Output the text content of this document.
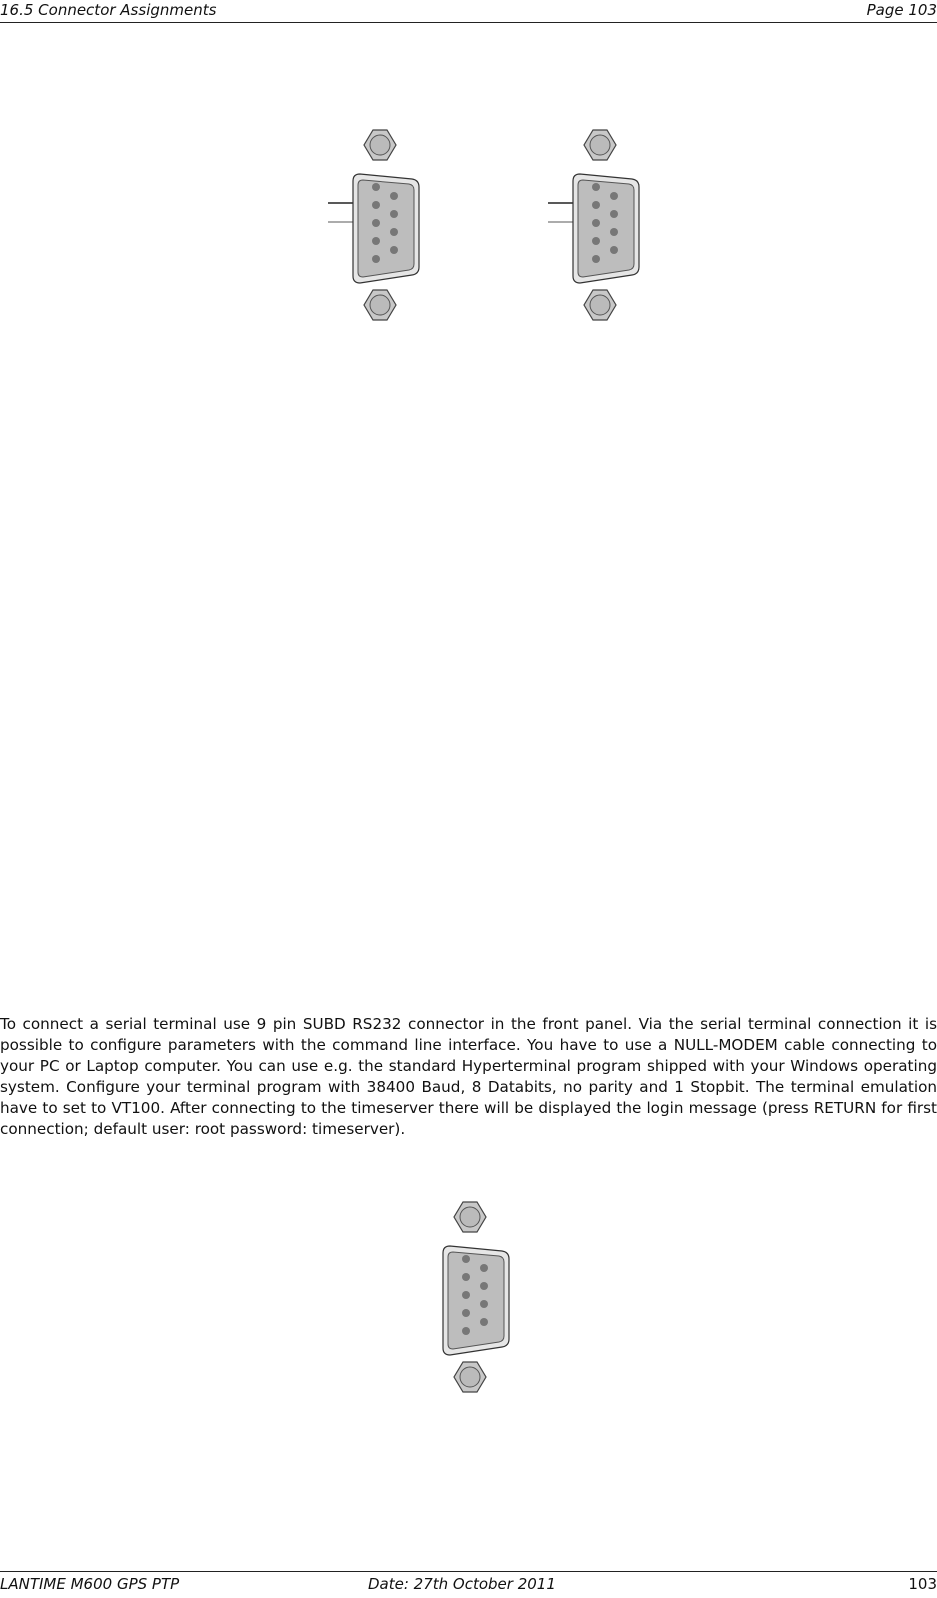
16.5 Connector Assignments	Page 103

To connect a serial terminal use 9 pin SUBD RS232 connector in the front panel. Via the serial terminal connection it is possible to configure parameters with the command line interface. You have to use a NULL-MODEM cable connecting to your PC or Laptop computer. You can use e.g. the standard Hyperterminal program shipped with your Windows operating system. Configure your terminal program with 38400 Baud, 8 Databits, no parity and 1 Stopbit. The terminal emulation have to set to VT100. After connecting to the timeserver there will be displayed the login message (press RETURN for first connection; default user: root password: timeserver).

LANTIME M600 GPS PTP	Date: 27th October 2011	103
